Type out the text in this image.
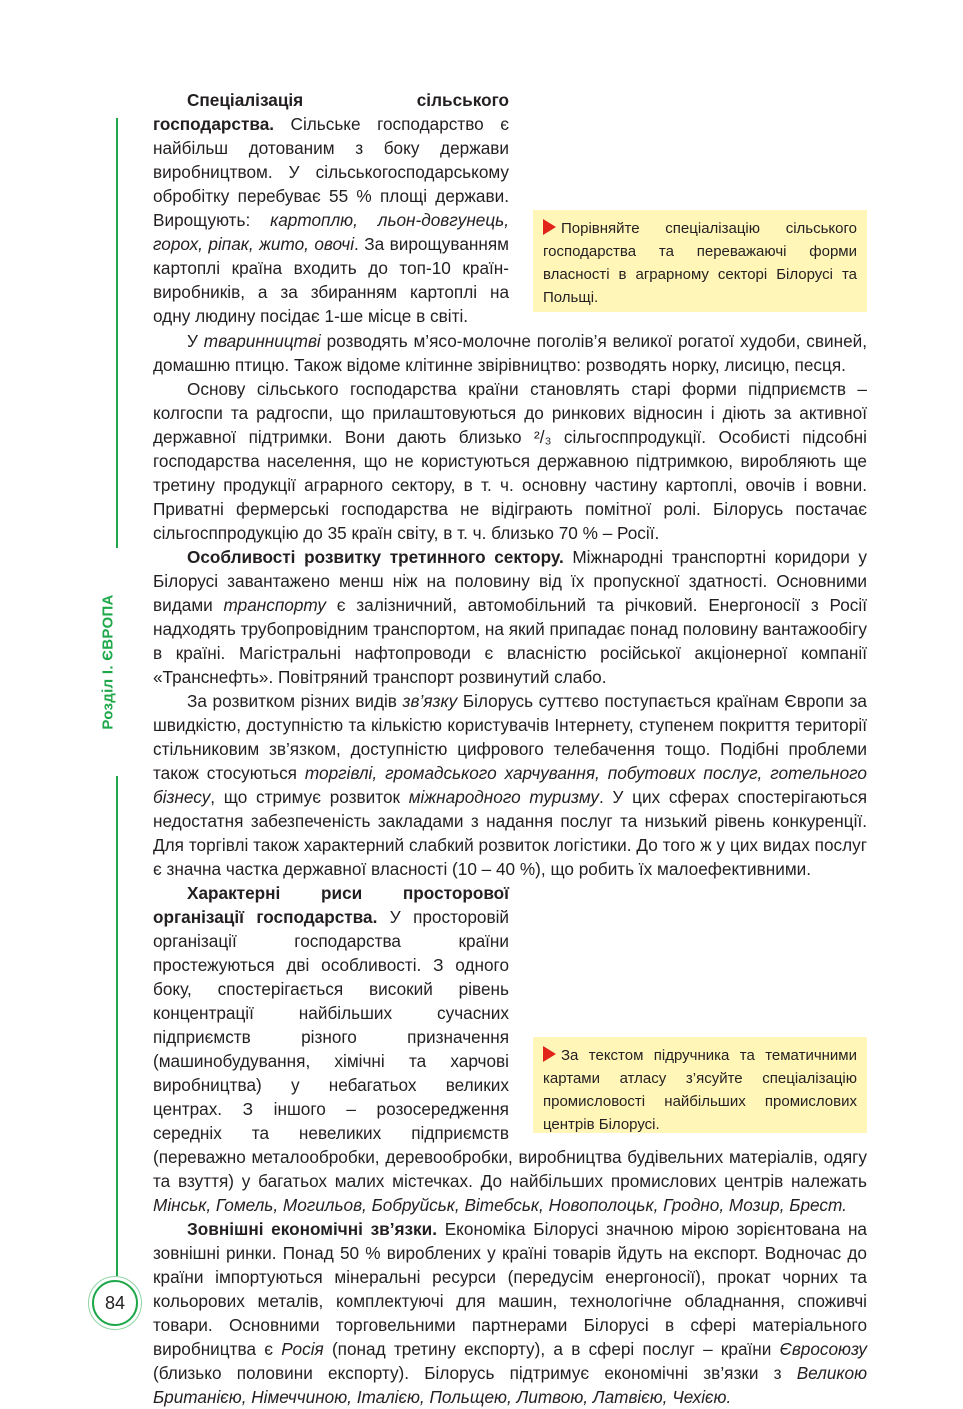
Розділ І. ЄВРОПА
Порівняйте спеціалізацію сільського господарства та переважаючі форми власності в аграрному секторі Білорусі та Польщі.

Спеціалізація сільського господарства. Сільське господарство є найбільш дотованим з боку держави виробництвом. У сільськогосподарському обробітку перебуває 55 % площі держави. Вирощують: картоплю, льон-довгунець, горох, ріпак, жито, овочі. За вирощуванням картоплі країна входить до топ-10 країн-виробників, а за збиранням картоплі на одну людину посідає 1-ше місце в світі.

У тваринництві розводять м’ясо-молочне поголів’я великої рогатої худоби, свиней, домашню птицю. Також відоме клітинне звірівництво: розводять норку, лисицю, песця.

Основу сільського господарства країни становлять старі форми підприємств – колгоспи та радгоспи, що прилаштовуються до ринкових відносин і діють за активної державної підтримки. Вони дають близько ²/₃ сільгосппродукції. Особисті підсобні господарства населення, що не користуються державною підтримкою, виробляють ще третину продукції аграрного сектору, в т. ч. основну частину картоплі, овочів і вовни. Приватні фермерські господарства не відіграють помітної ролі. Білорусь постачає сільгосппродукцію до 35 країн світу, в т. ч. близько 70 % – Росії.

Особливості розвитку третинного сектору. Міжнародні транспортні коридори у Білорусі завантажено менш ніж на половину від їх пропускної здатності. Основними видами транспорту є залізничний, автомобільний та річковий. Енергоносії з Росії надходять трубопровідним транспортом, на який припадає понад половину вантажообігу в країні. Магістральні нафтопроводи є власністю російської акціонерної компанії «Транснефть». Повітряний транспорт розвинутий слабо.

За розвитком різних видів зв’язку Білорусь суттєво поступається країнам Європи за швидкістю, доступністю та кількістю користувачів Інтернету, ступенем покриття території стільниковим зв’язком, доступністю цифрового телебачення тощо. Подібні проблеми також стосуються торгівлі, громадського харчування, побутових послуг, готельного бізнесу, що стримує розвиток міжнародного туризму. У цих сферах спостерігаються недостатня забезпеченість закладами з надання послуг та низький рівень конкуренції. Для торгівлі також характерний слабкий розвиток логістики. До того ж у цих видах послуг є значна частка державної власності (10 – 40 %), що робить їх малоефективними.

За текстом підручника та тематичними картами атласу з’ясуйте спеціалізацію промисловості найбільших промислових центрів Білорусі.

Характерні риси просторової організації господарства. У просторовій організації господарства країни простежуються дві особливості. З одного боку, спостерігається високий рівень концентрації найбільших сучасних підприємств різного призначення (машинобудування, хімічні та харчові виробництва) у небагатьох великих центрах. З іншого – розосередження середніх та невеликих підприємств (переважно металообробки, деревообробки, виробництва будівельних матеріалів, одягу та взуття) у багатьох малих містечках. До найбільших промислових центрів належать Мінськ, Гомель, Могильов, Бобруйськ, Вітебськ, Новополоцьк, Гродно, Мозир, Брест.

Зовнішні економічні зв’язки. Економіка Білорусі значною мірою зорієнтована на зовнішні ринки. Понад 50 % вироблених у країні товарів йдуть на експорт. Водночас до країни імпортуються мінеральні ресурси (передусім енергоносії), прокат чорних та кольорових металів, комплектуючі для машин, технологічне обладнання, споживчі товари. Основними торговельними партнерами Білорусі в сфері матеріального виробництва є Росія (понад третину експорту), а в сфері послуг – країни Євросоюзу (близько половини експорту). Білорусь підтримує економічні зв’язки з Великою Британією, Німеччиною, Італією, Польщею, Литвою, Латвією, Чехією.

84
